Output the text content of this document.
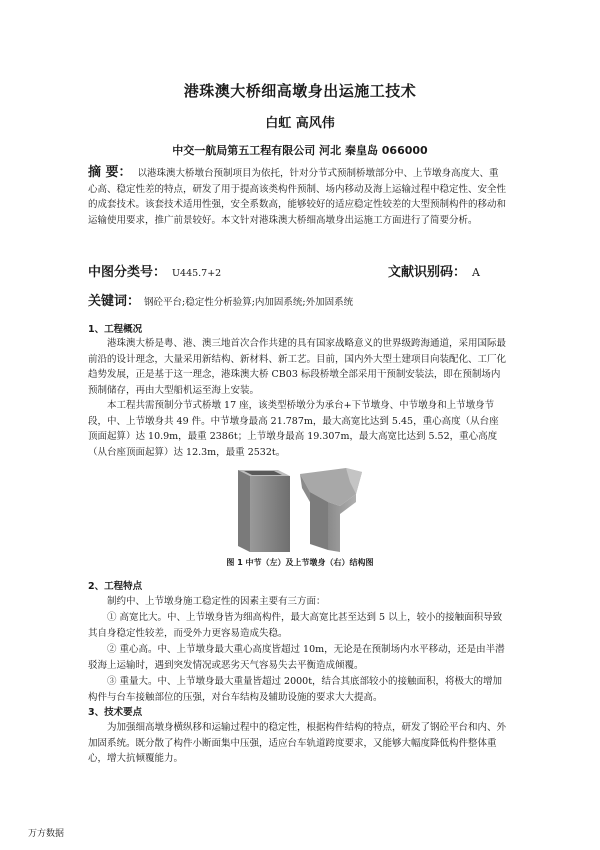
港珠澳大桥细高墩身出运施工技术
白虹 高风伟
中交一航局第五工程有限公司 河北 秦皇岛 066000
摘 要： 以港珠澳大桥墩台预制项目为依托，针对分节式预制桥墩部分中、上节墩身高度大、重心高、稳定性差的特点，研发了用于提高该类构件预制、场内移动及海上运输过程中稳定性、安全性的成套技术。该套技术适用性强，安全系数高，能够较好的适应稳定性较差的大型预制构件的移动和运输使用要求，推广前景较好。本文针对港珠澳大桥细高墩身出运施工方面进行了简要分析。
中图分类号： U445.7+2	文献识别码： A
关键词： 钢砼平台;稳定性分析验算;内加固系统;外加固系统
1、工程概况

港珠澳大桥是粤、港、澳三地首次合作共建的具有国家战略意义的世界级跨海通道，采用国际最前沿的设计理念，大量采用新结构、新材料、新工艺。目前，国内外大型土建项目向装配化、工厂化趋势发展，正是基于这一理念，港珠澳大桥 CB03 标段桥墩全部采用干预制安装法，即在预制场内预制储存，再由大型船机运至海上安装。

本工程共需预制分节式桥墩 17 座，该类型桥墩分为承台+下节墩身、中节墩身和上节墩身节段，中、上节墩身共 49 件。中节墩身最高 21.787m，最大高宽比达到 5.45，重心高度（从台座顶面起算）达 10.9m，最重 2386t；上节墩身最高 19.307m，最大高宽比达到 5.52，重心高度（从台座顶面起算）达 12.3m，最重 2532t。

图 1 中节（左）及上节墩身（右）结构图
2、工程特点

制约中、上节墩身施工稳定性的因素主要有三方面：

① 高宽比大。中、上节墩身皆为细高构件，最大高宽比甚至达到 5 以上，较小的接触面积导致其自身稳定性较差，而受外力更容易造成失稳。

② 重心高。中、上节墩身最大重心高度皆超过 10m，无论是在预制场内水平移动，还是由半潜驳海上运输时，遇到突发情况或恶劣天气容易失去平衡造成倾覆。

③ 重量大。中、上节墩身最大重量皆超过 2000t，结合其底部较小的接触面积，将极大的增加构件与台车接触部位的压强，对台车结构及辅助设施的要求大大提高。

3、技术要点

为加强细高墩身横纵移和运输过程中的稳定性，根据构件结构的特点，研发了钢砼平台和内、外加固系统。既分散了构件小断面集中压强，适应台车轨道跨度要求，又能够大幅度降低构件整体重心，增大抗倾覆能力。

万方数据
